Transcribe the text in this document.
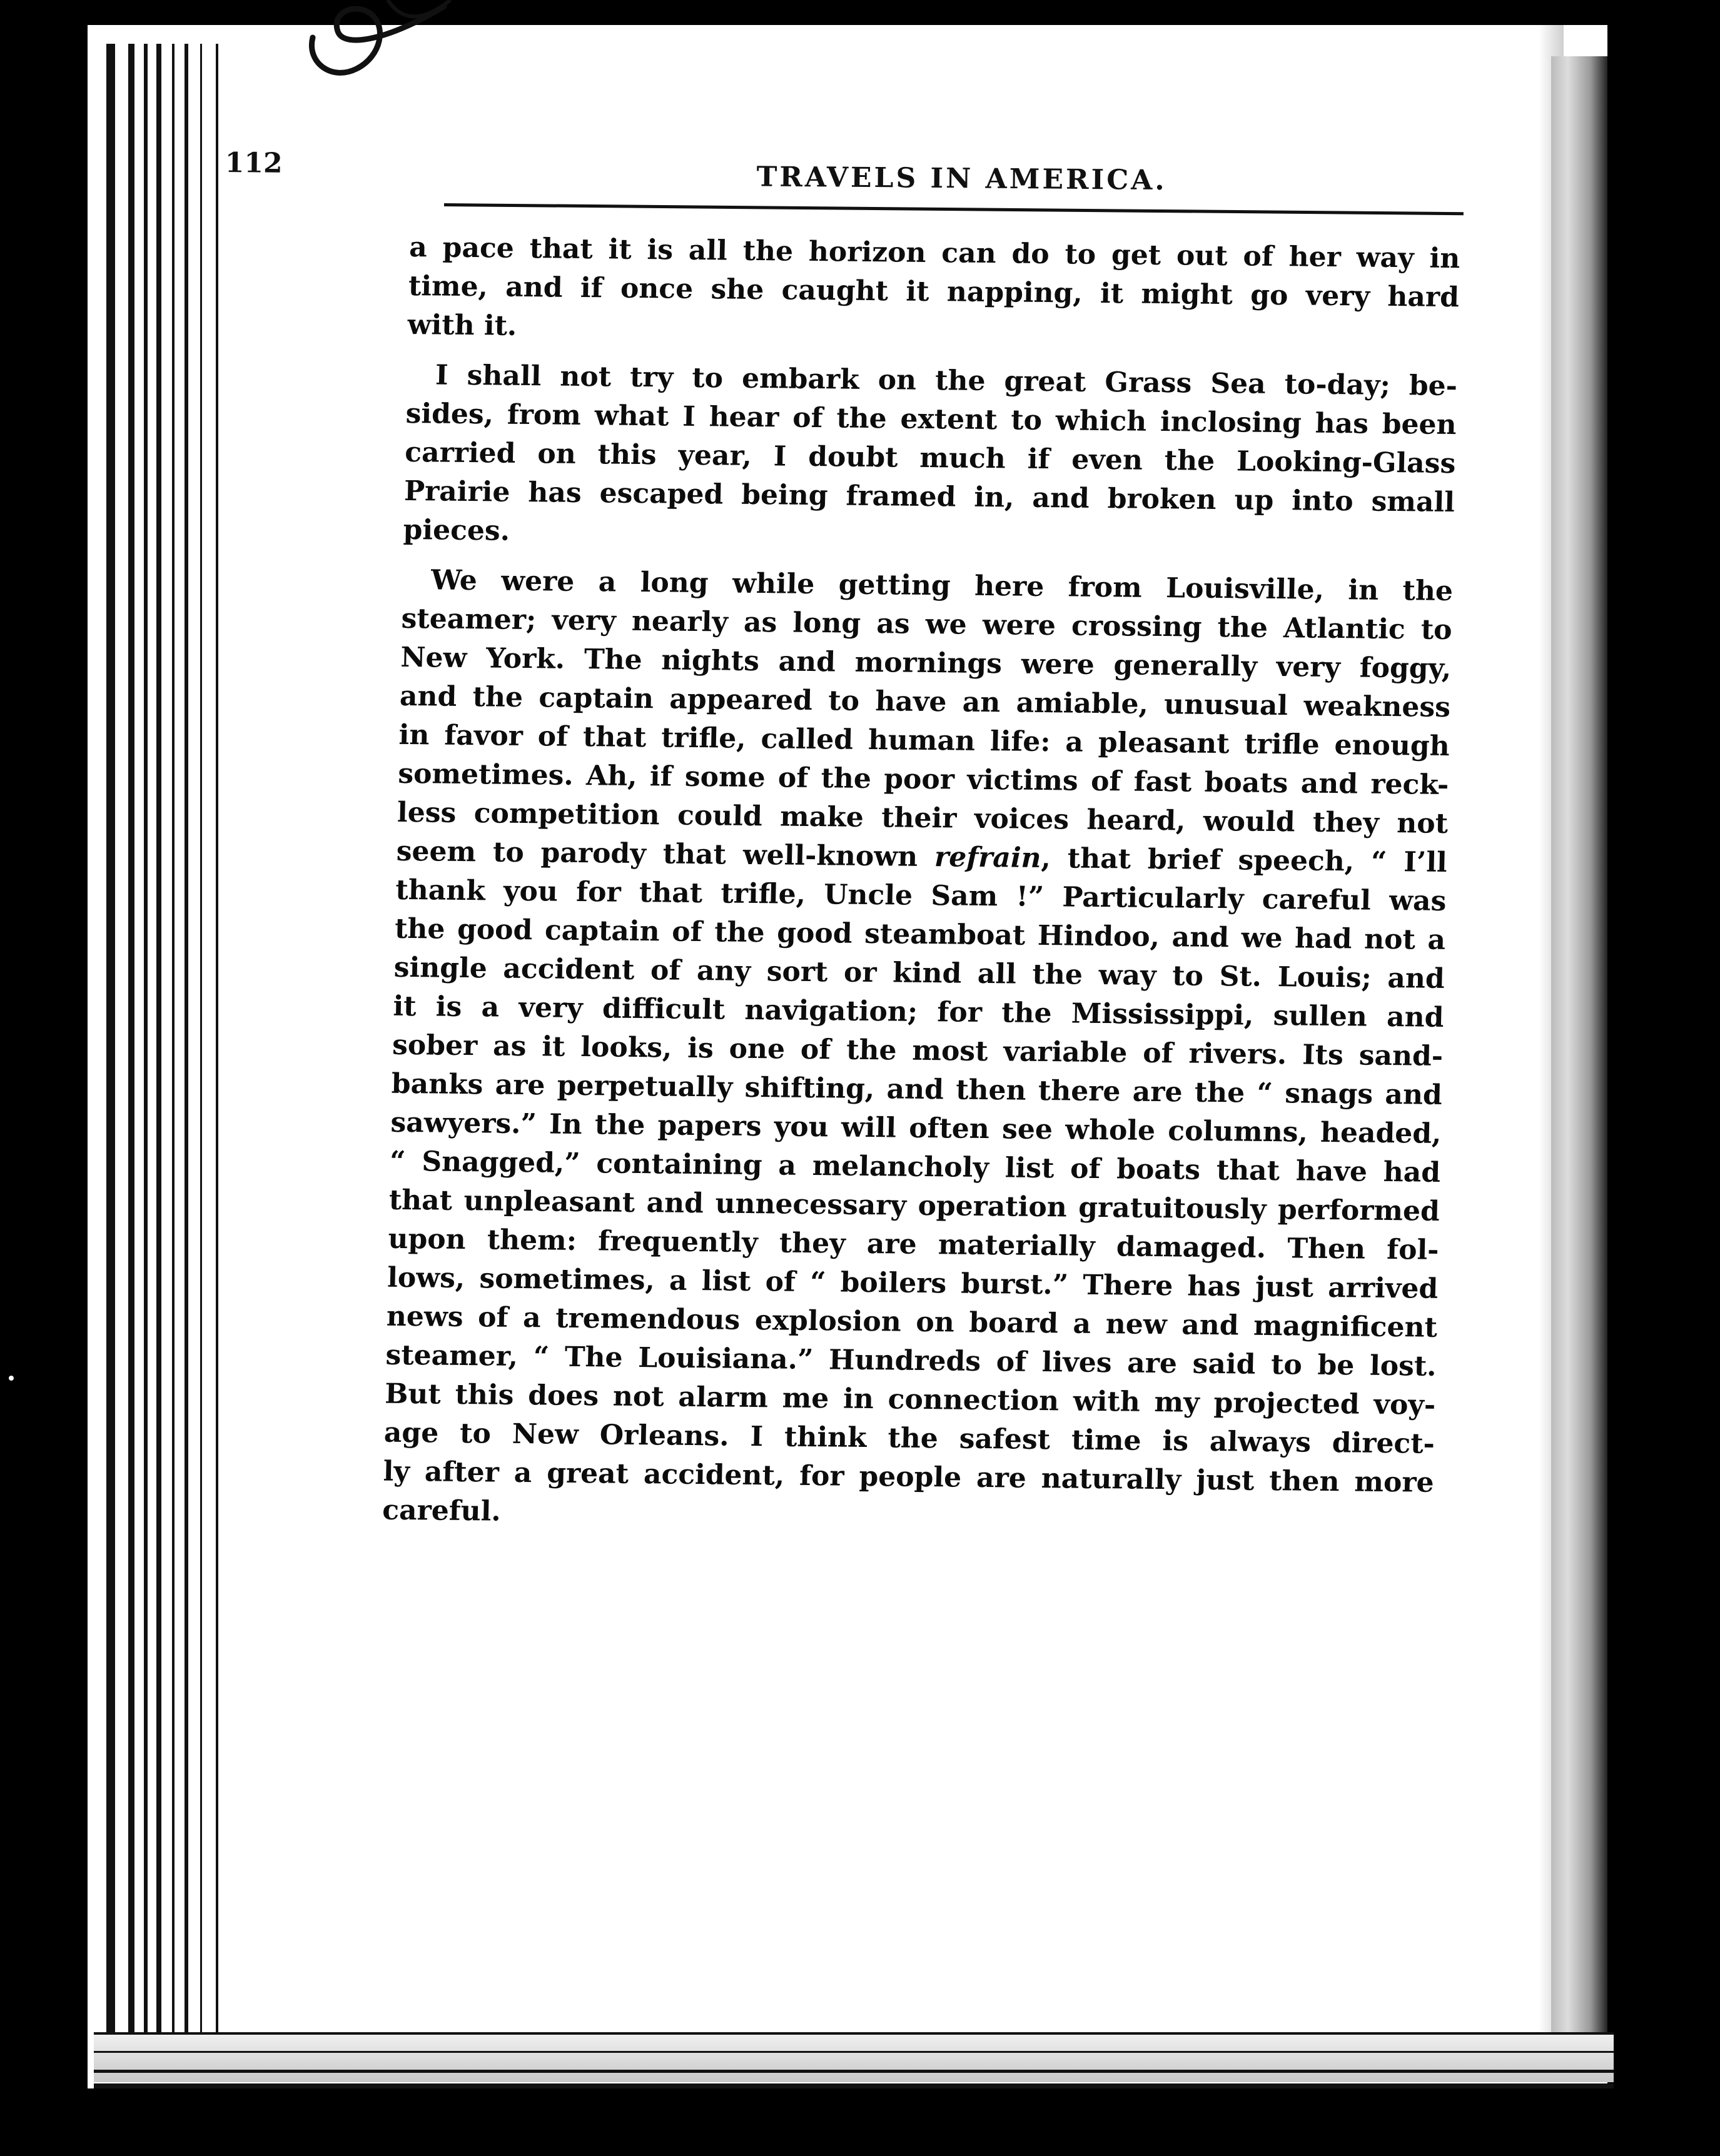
112	TRAVELS IN AMERICA.

a pace that it is all the horizon can do to get out of her way in
time, and if once she caught it napping, it might go very hard
with it.

I shall not try to embark on the great Grass Sea to-day; be-
sides, from what I hear of the extent to which inclosing has been
carried on this year, I doubt much if even the Looking-Glass
Prairie has escaped being framed in, and broken up into small
pieces.

We were a long while getting here from Louisville, in the
steamer; very nearly as long as we were crossing the Atlantic to
New York. The nights and mornings were generally very foggy,
and the captain appeared to have an amiable, unusual weakness
in favor of that trifle, called human life: a pleasant trifle enough
sometimes. Ah, if some of the poor victims of fast boats and reck-
less competition could make their voices heard, would they not
seem to parody that well-known refrain, that brief speech, “ I’ll
thank you for that trifle, Uncle Sam !” Particularly careful was
the good captain of the good steamboat Hindoo, and we had not a
single accident of any sort or kind all the way to St. Louis; and
it is a very difficult navigation; for the Mississippi, sullen and
sober as it looks, is one of the most variable of rivers. Its sand-
banks are perpetually shifting, and then there are the “ snags and
sawyers.” In the papers you will often see whole columns, headed,
“ Snagged,” containing a melancholy list of boats that have had
that unpleasant and unnecessary operation gratuitously performed
upon them: frequently they are materially damaged. Then fol-
lows, sometimes, a list of “ boilers burst.” There has just arrived
news of a tremendous explosion on board a new and magnificent
steamer, “ The Louisiana.” Hundreds of lives are said to be lost.
But this does not alarm me in connection with my projected voy-
age to New Orleans. I think the safest time is always direct-
ly after a great accident, for people are naturally just then more
careful.
